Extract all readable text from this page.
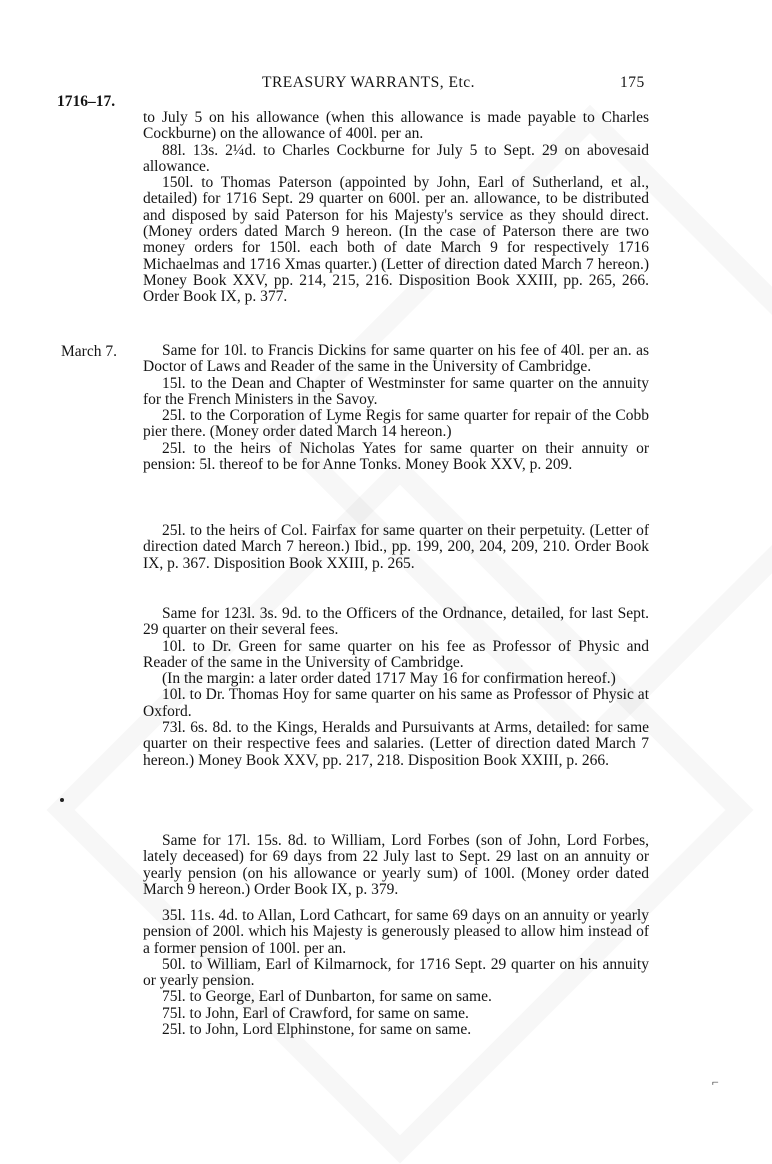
TREASURY WARRANTS, Etc.	175
1716–17.

to July 5 on his allowance (when this allowance is made payable to Charles Cockburne) on the allowance of 400l. per an.

88l. 13s. 2¼d. to Charles Cockburne for July 5 to Sept. 29 on abovesaid allowance.

150l. to Thomas Paterson (appointed by John, Earl of Sutherland, et al., detailed) for 1716 Sept. 29 quarter on 600l. per an. allowance, to be distributed and disposed by said Paterson for his Majesty's service as they should direct. (Money orders dated March 9 hereon. (In the case of Paterson there are two money orders for 150l. each both of date March 9 for respectively 1716 Michaelmas and 1716 Xmas quarter.) (Letter of direction dated March 7 hereon.) Money Book XXV, pp. 214, 215, 216. Disposition Book XXIII, pp. 265, 266. Order Book IX, p. 377.

March 7.	Same for 10l. to Francis Dickins for same quarter on his fee of 40l. per an. as Doctor of Laws and Reader of the same in the University of Cambridge.

15l. to the Dean and Chapter of Westminster for same quarter on the annuity for the French Ministers in the Savoy.

25l. to the Corporation of Lyme Regis for same quarter for repair of the Cobb pier there. (Money order dated March 14 hereon.)

25l. to the heirs of Nicholas Yates for same quarter on their annuity or pension: 5l. thereof to be for Anne Tonks. Money Book XXV, p. 209.

25l. to the heirs of Col. Fairfax for same quarter on their perpetuity. (Letter of direction dated March 7 hereon.) Ibid., pp. 199, 200, 204, 209, 210. Order Book IX, p. 367. Disposition Book XXIII, p. 265.

Same for 123l. 3s. 9d. to the Officers of the Ordnance, detailed, for last Sept. 29 quarter on their several fees.

10l. to Dr. Green for same quarter on his fee as Professor of Physic and Reader of the same in the University of Cambridge.

(In the margin: a later order dated 1717 May 16 for confirmation hereof.)

10l. to Dr. Thomas Hoy for same quarter on his same as Professor of Physic at Oxford.

73l. 6s. 8d. to the Kings, Heralds and Pursuivants at Arms, detailed: for same quarter on their respective fees and salaries. (Letter of direction dated March 7 hereon.) Money Book XXV, pp. 217, 218. Disposition Book XXIII, p. 266.

Same for 17l. 15s. 8d. to William, Lord Forbes (son of John, Lord Forbes, lately deceased) for 69 days from 22 July last to Sept. 29 last on an annuity or yearly pension (on his allowance or yearly sum) of 100l. (Money order dated March 9 hereon.) Order Book IX, p. 379.

35l. 11s. 4d. to Allan, Lord Cathcart, for same 69 days on an annuity or yearly pension of 200l. which his Majesty is generously pleased to allow him instead of a former pension of 100l. per an.

50l. to William, Earl of Kilmarnock, for 1716 Sept. 29 quarter on his annuity or yearly pension.

75l. to George, Earl of Dunbarton, for same on same.

75l. to John, Earl of Crawford, for same on same.

25l. to John, Lord Elphinstone, for same on same.

⌐
